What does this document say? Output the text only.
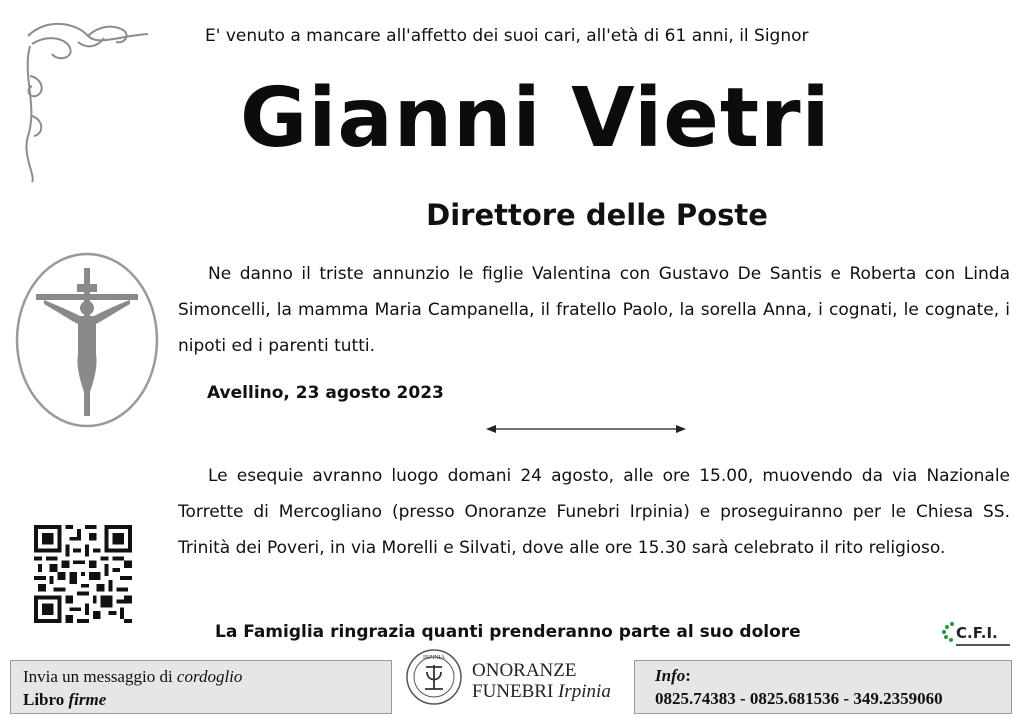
E' venuto a mancare all'affetto dei suoi cari, all'età di 61 anni, il Signor
Gianni Vietri
Direttore delle Poste
Ne danno il triste annunzio le figlie Valentina con Gustavo De Santis e Roberta con Linda Simoncelli, la mamma Maria Campanella, il fratello Paolo, la sorella Anna, i cognati, le cognate, i nipoti ed i parenti tutti.
Avellino, 23 agosto 2023
Le esequie avranno luogo domani 24 agosto, alle ore 15.00, muovendo da via Nazionale Torrette di Mercogliano (presso Onoranze Funebri Irpinia) e proseguiranno per le Chiesa SS. Trinità dei Poveri, in via Morelli e Silvati, dove alle ore 15.30 sarà celebrato il rito religioso.
La Famiglia ringrazia quanti prenderanno parte al suo dolore	C.F.I.
Invia un messaggio di cordoglio
Libro firme
IRPINIA
ONORANZE
FUNEBRI Irpinia
Info:
0825.74383 - 0825.681536 - 349.2359060
